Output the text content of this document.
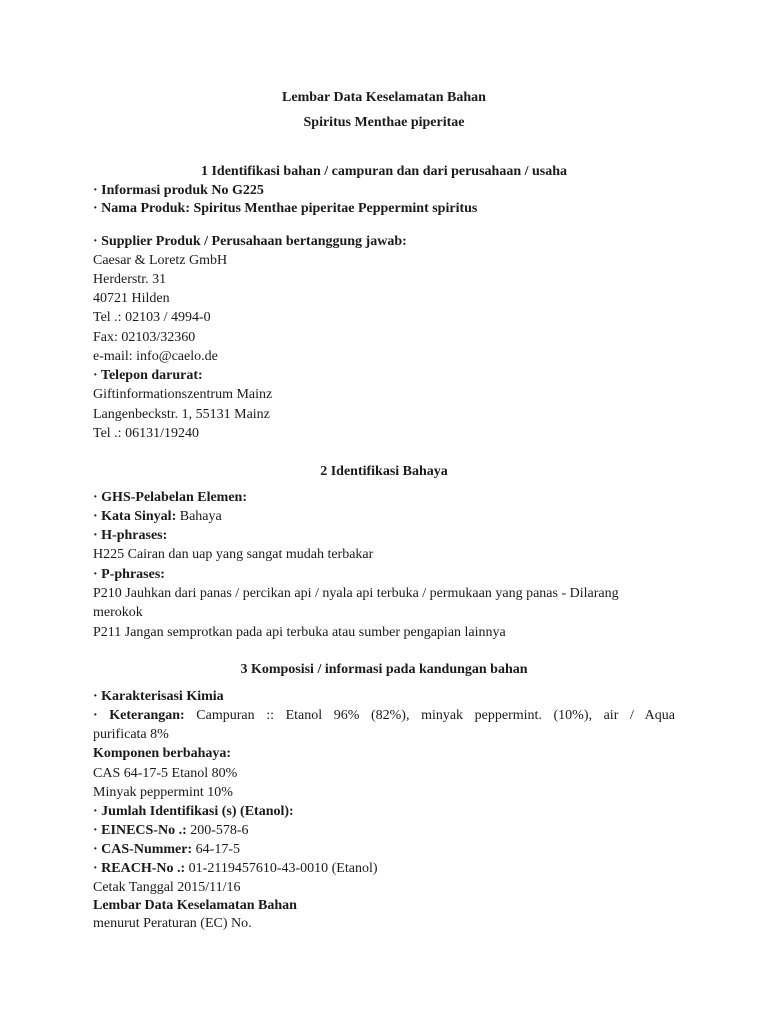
Lembar Data Keselamatan Bahan
Spiritus Menthae piperitae
1 Identifikasi bahan / campuran dan dari perusahaan / usaha
· Informasi produk No G225
· Nama Produk: Spiritus Menthae piperitae Peppermint spiritus
· Supplier Produk / Perusahaan bertanggung jawab:
Caesar & Loretz GmbH
Herderstr. 31
40721 Hilden
Tel .: 02103 / 4994-0
Fax: 02103/32360
e-mail: info@caelo.de
· Telepon darurat:
Giftinformationszentrum Mainz
Langenbeckstr. 1, 55131 Mainz
Tel .: 06131/19240
2 Identifikasi Bahaya
· GHS-Pelabelan Elemen:
· Kata Sinyal: Bahaya
· H-phrases:
H225 Cairan dan uap yang sangat mudah terbakar
· P-phrases:
P210 Jauhkan dari panas / percikan api / nyala api terbuka / permukaan yang panas - Dilarang
merokok
P211 Jangan semprotkan pada api terbuka atau sumber pengapian lainnya
3 Komposisi / informasi pada kandungan bahan
· Karakterisasi Kimia
· Keterangan: Campuran :: Etanol 96% (82%), minyak peppermint. (10%), air / Aqua
purificata 8%
Komponen berbahaya:
CAS 64-17-5 Etanol 80%
Minyak peppermint 10%
· Jumlah Identifikasi (s) (Etanol):
· EINECS-No .: 200-578-6
· CAS-Nummer: 64-17-5
· REACH-No .: 01-2119457610-43-0010 (Etanol)
Cetak Tanggal 2015/11/16
Lembar Data Keselamatan Bahan
menurut Peraturan (EC) No.
